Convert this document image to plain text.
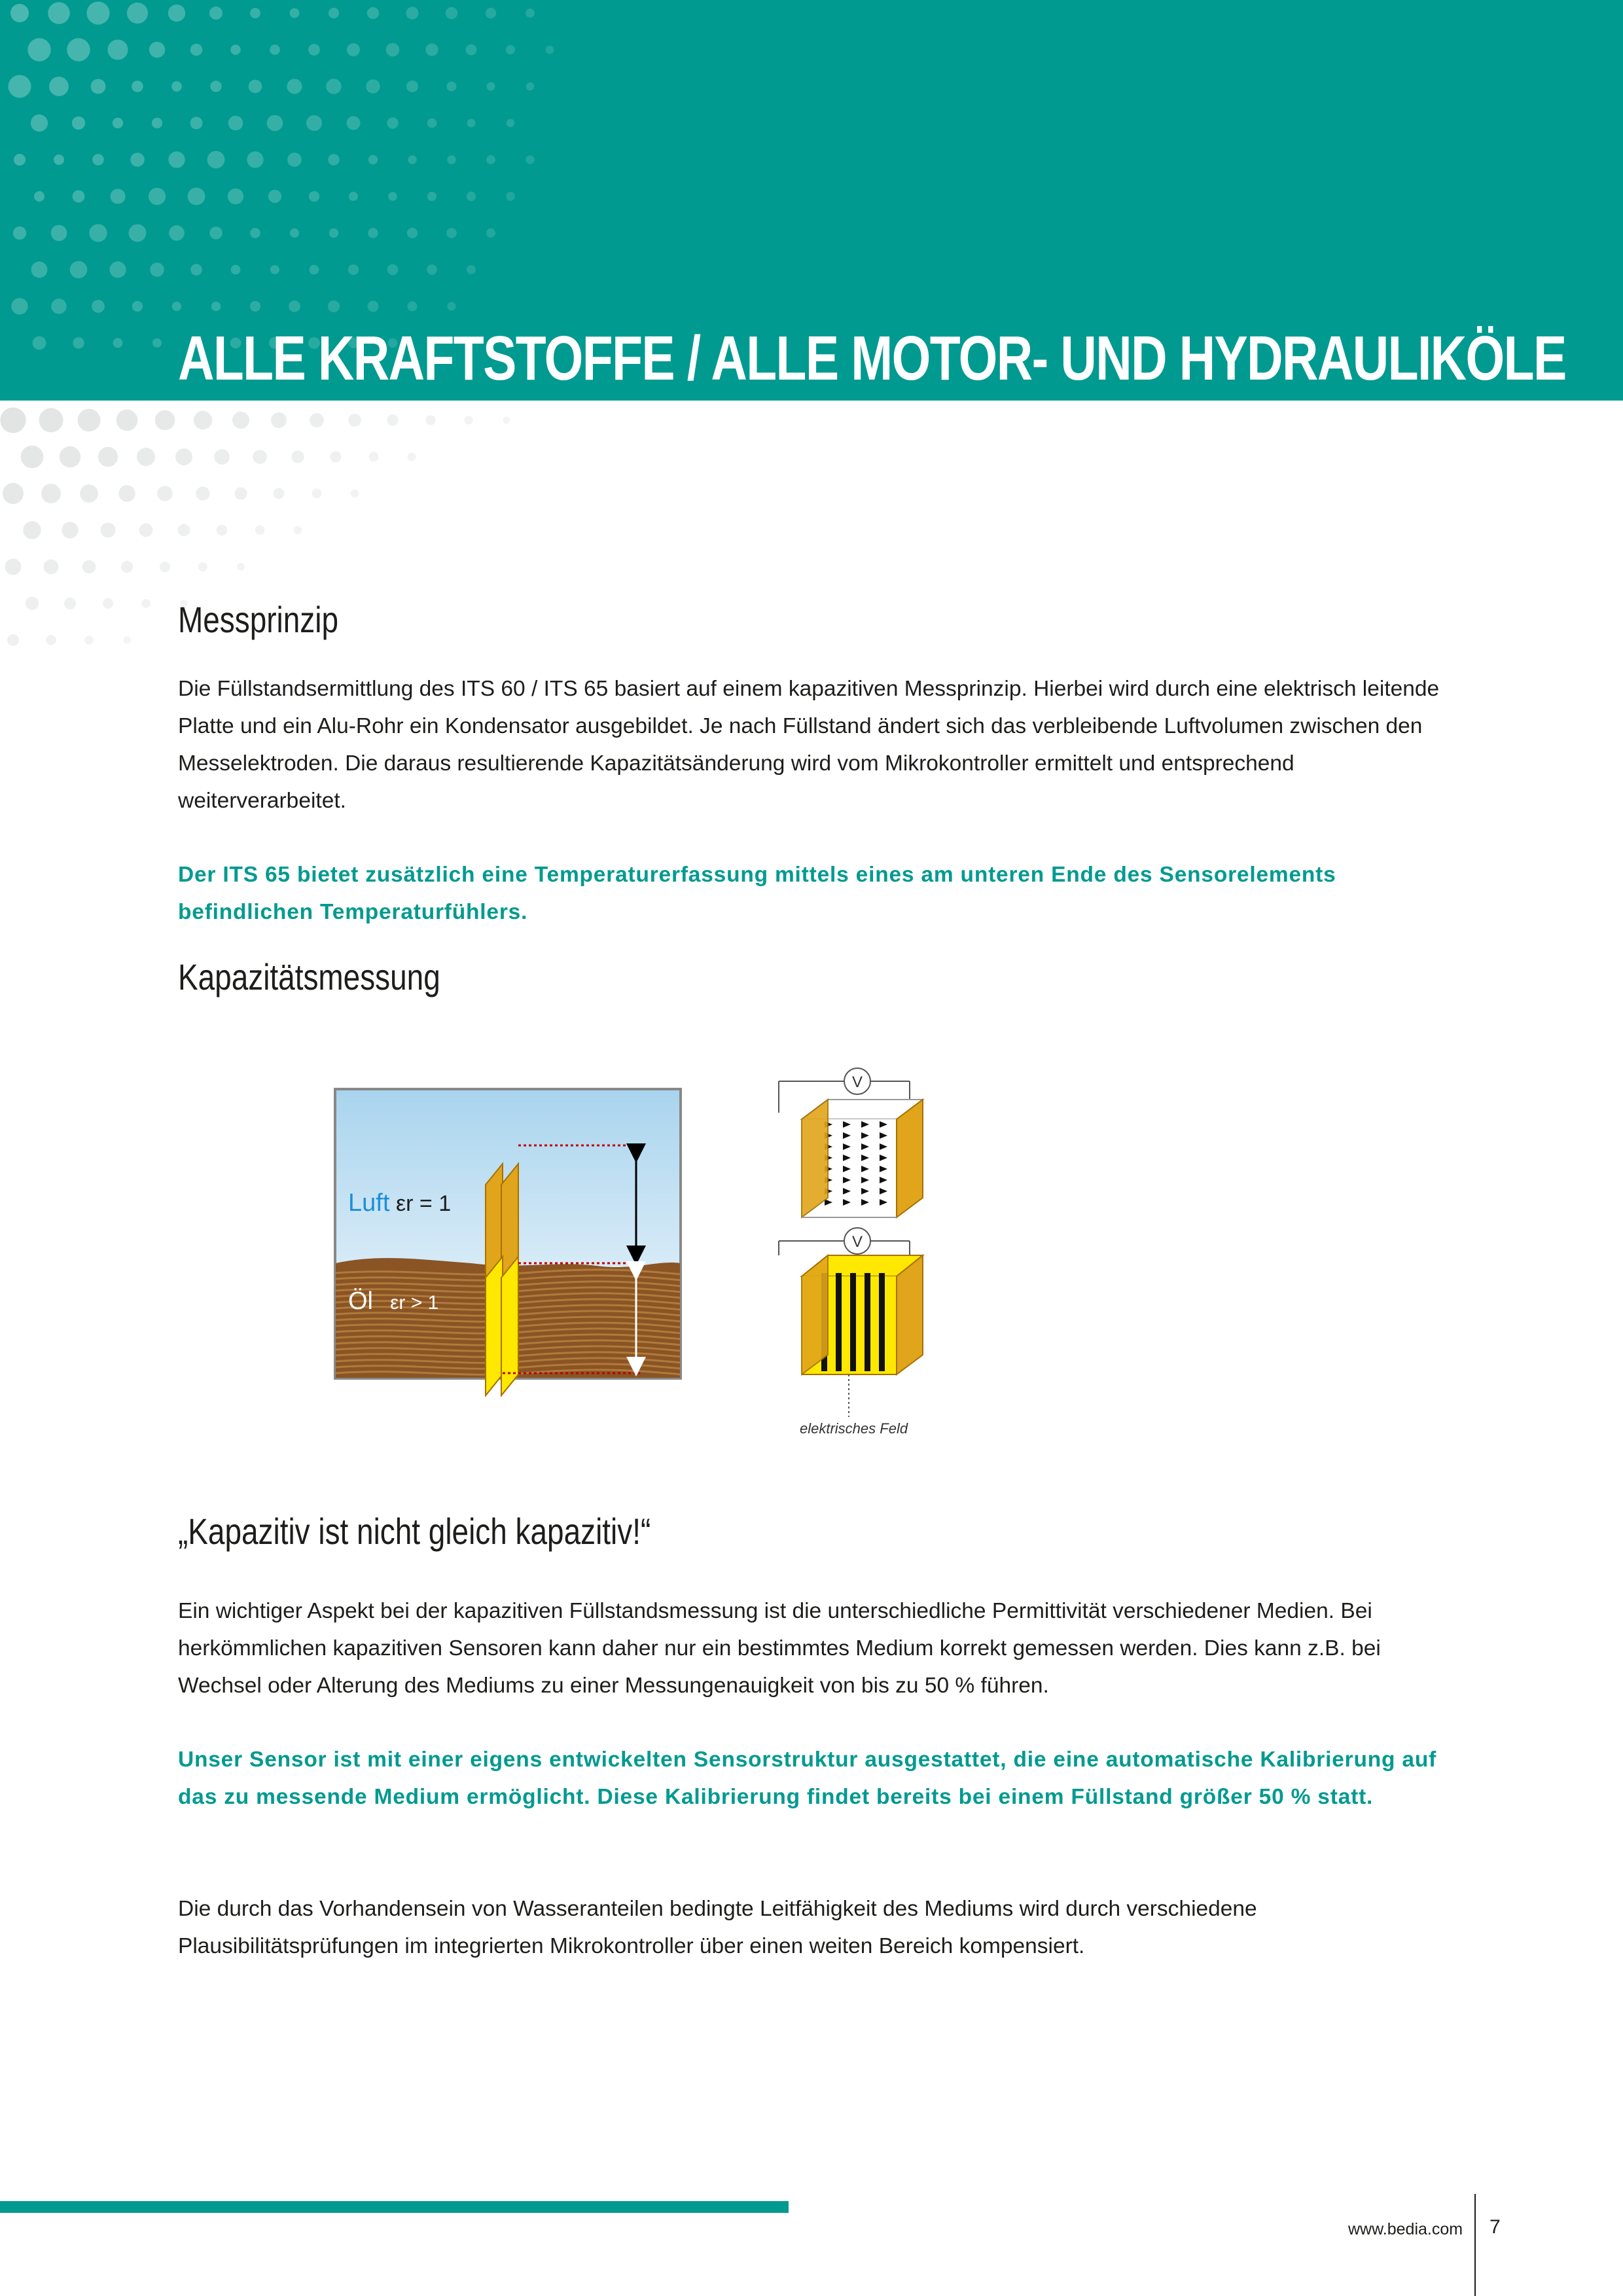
ALLE KRAFTSTOFFE / ALLE MOTOR- UND HYDRAULIKÖLE
Messprinzip

Die Füllstandsermittlung des ITS 60 / ITS 65 basiert auf einem kapazitiven Messprinzip. Hierbei wird durch eine elektrisch leitende Platte und ein Alu-Rohr ein Kondensator ausgebildet. Je nach Füllstand ändert sich das verbleibende Luftvolumen zwischen den Messelektroden. Die daraus resultierende Kapazitätsänderung wird vom Mikrokontroller ermittelt und entsprechend weiterverarbeitet.

Der ITS 65 bietet zusätzlich eine Temperaturerfassung mittels eines am unteren Ende des Sensorelements befindlichen Temperaturfühlers.

Kapazitätsmessung
Luft εr = 1
Öl εr > 1
V
V
elektrisches Feld
„Kapazitiv ist nicht gleich kapazitiv!“

Ein wichtiger Aspekt bei der kapazitiven Füllstandsmessung ist die unterschiedliche Permittivität verschiedener Medien. Bei herkömmlichen kapazitiven Sensoren kann daher nur ein bestimmtes Medium korrekt gemessen werden. Dies kann z.B. bei Wechsel oder Alterung des Mediums zu einer Messungenauigkeit von bis zu 50 % führen.

Unser Sensor ist mit einer eigens entwickelten Sensorstruktur ausgestattet, die eine automatische Kalibrierung auf das zu messende Medium ermöglicht. Diese Kalibrierung findet bereits bei einem Füllstand größer 50 % statt.

Die durch das Vorhandensein von Wasseranteilen bedingte Leitfähigkeit des Mediums wird durch verschiedene Plausibilitätsprüfungen im integrierten Mikrokontroller über einen weiten Bereich kompensiert.

www.bedia.com 7
